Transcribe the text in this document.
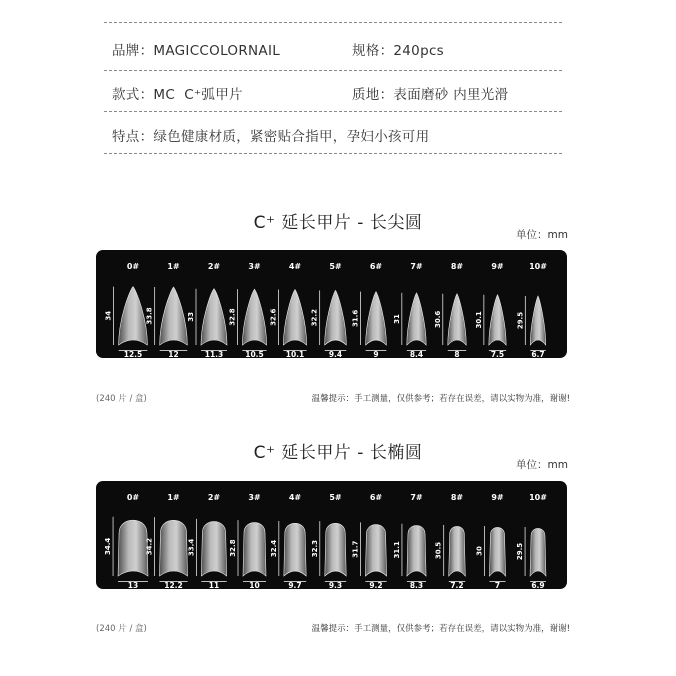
品牌：MAGICCOLORNAIL	规格：240pcs
款式：MC  C⁺弧甲片	质地：表面磨砂 内里光滑
特点：绿色健康材质，紧密贴合指甲，孕妇小孩可用
C⁺ 延长甲片 - 长尖圆
单位：mm
0#
34
12.5
1#
33.8
12
2#
33
11.3
3#
32.8
10.5
4#
32.6
10.1
5#
32.2
9.4
6#
31.6
9
7#
31
8.4
8#
30.6
8
9#
30.1
7.5
10#
29.5
6.7
(240 片 / 盒)	温馨提示：手工测量，仅供参考；若存在误差，请以实物为准，谢谢!
C⁺ 延长甲片 - 长椭圆
单位：mm
0#
34.4
13
1#
34.2
12.2
2#
33.4
11
3#
32.8
10
4#
32.4
9.7
5#
32.3
9.3
6#
31.7
9.2
7#
31.1
8.3
8#
30.5
7.2
9#
30
7
10#
29.5
6.9
(240 片 / 盒)	温馨提示：手工测量，仅供参考；若存在误差，请以实物为准，谢谢!
